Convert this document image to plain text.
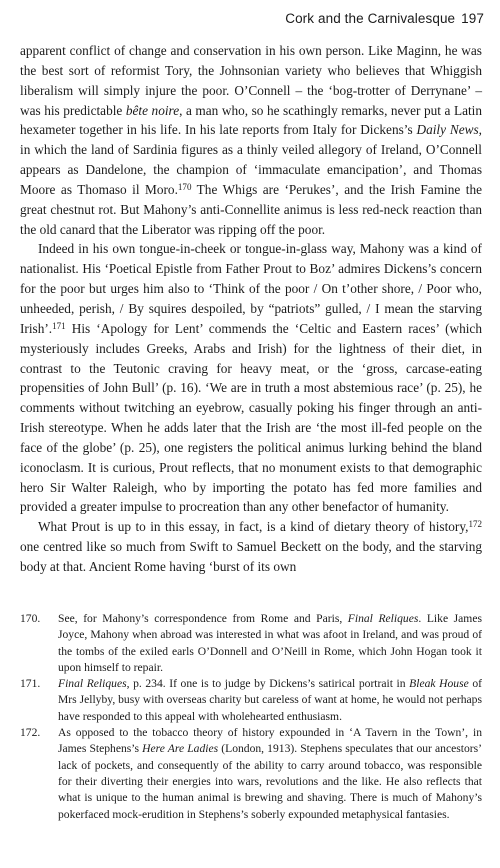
Cork and the Carnivalesque 197

apparent conflict of change and conservation in his own person. Like Maginn, he was the best sort of reformist Tory, the Johnsonian variety who believes that Whiggish liberalism will simply injure the poor. O’Connell – the ‘bog-trotter of Derrynane’ – was his predictable bête noire, a man who, so he scathingly remarks, never put a Latin hexameter together in his life. In his late reports from Italy for Dickens’s Daily News, in which the land of Sardinia figures as a thinly veiled allegory of Ireland, O’Connell appears as Dandelone, the champion of ‘immaculate emancipation’, and Thomas Moore as Thomaso il Moro.$^{170}$ The Whigs are ‘Perukes’, and the Irish Famine the great chestnut rot. But Mahony’s anti-Connellite animus is less red-neck reaction than the old canard that the Liberator was ripping off the poor.

Indeed in his own tongue-in-cheek or tongue-in-glass way, Mahony was a kind of nationalist. His ‘Poetical Epistle from Father Prout to Boz’ admires Dickens’s concern for the poor but urges him also to ‘Think of the poor / On t’other shore, / Poor who, unheeded, perish, / By squires despoiled, by “patriots” gulled, / I mean the starving Irish’.$^{171}$ His ‘Apology for Lent’ commends the ‘Celtic and Eastern races’ (which mysteriously includes Greeks, Arabs and Irish) for the lightness of their diet, in contrast to the Teutonic craving for heavy meat, or the ‘gross, carcase-eating propensities of John Bull’ (p. 16). ‘We are in truth a most abstemious race’ (p. 25), he comments without twitching an eyebrow, casually poking his finger through an anti-Irish stereotype. When he adds later that the Irish are ‘the most ill-fed people on the face of the globe’ (p. 25), one registers the political animus lurking behind the bland iconoclasm. It is curious, Prout reflects, that no monument exists to that demographic hero Sir Walter Raleigh, who by importing the potato has fed more families and provided a greater impulse to procreation than any other benefactor of humanity.

What Prout is up to in this essay, in fact, is a kind of dietary theory of history,$^{172}$ one centred like so much from Swift to Samuel Beckett on the body, and the starving body at that. Ancient Rome having ‘burst of its own

170.	See, for Mahony’s correspondence from Rome and Paris, Final Reliques. Like James Joyce, Mahony when abroad was interested in what was afoot in Ireland, and was proud of the tombs of the exiled earls O’Donnell and O’Neill in Rome, which John Hogan took it upon himself to repair.
171.	Final Reliques, p. 234. If one is to judge by Dickens’s satirical portrait in Bleak House of Mrs Jellyby, busy with overseas charity but careless of want at home, he would not perhaps have responded to this appeal with wholehearted enthusiasm.
172.	As opposed to the tobacco theory of history expounded in ‘A Tavern in the Town’, in James Stephens’s Here Are Ladies (London, 1913). Stephens speculates that our ancestors’ lack of pockets, and consequently of the ability to carry around tobacco, was responsible for their diverting their energies into wars, revolutions and the like. He also reflects that what is unique to the human animal is brewing and shaving. There is much of Mahony’s pokerfaced mock-erudition in Stephens’s soberly expounded metaphysical fantasies.
